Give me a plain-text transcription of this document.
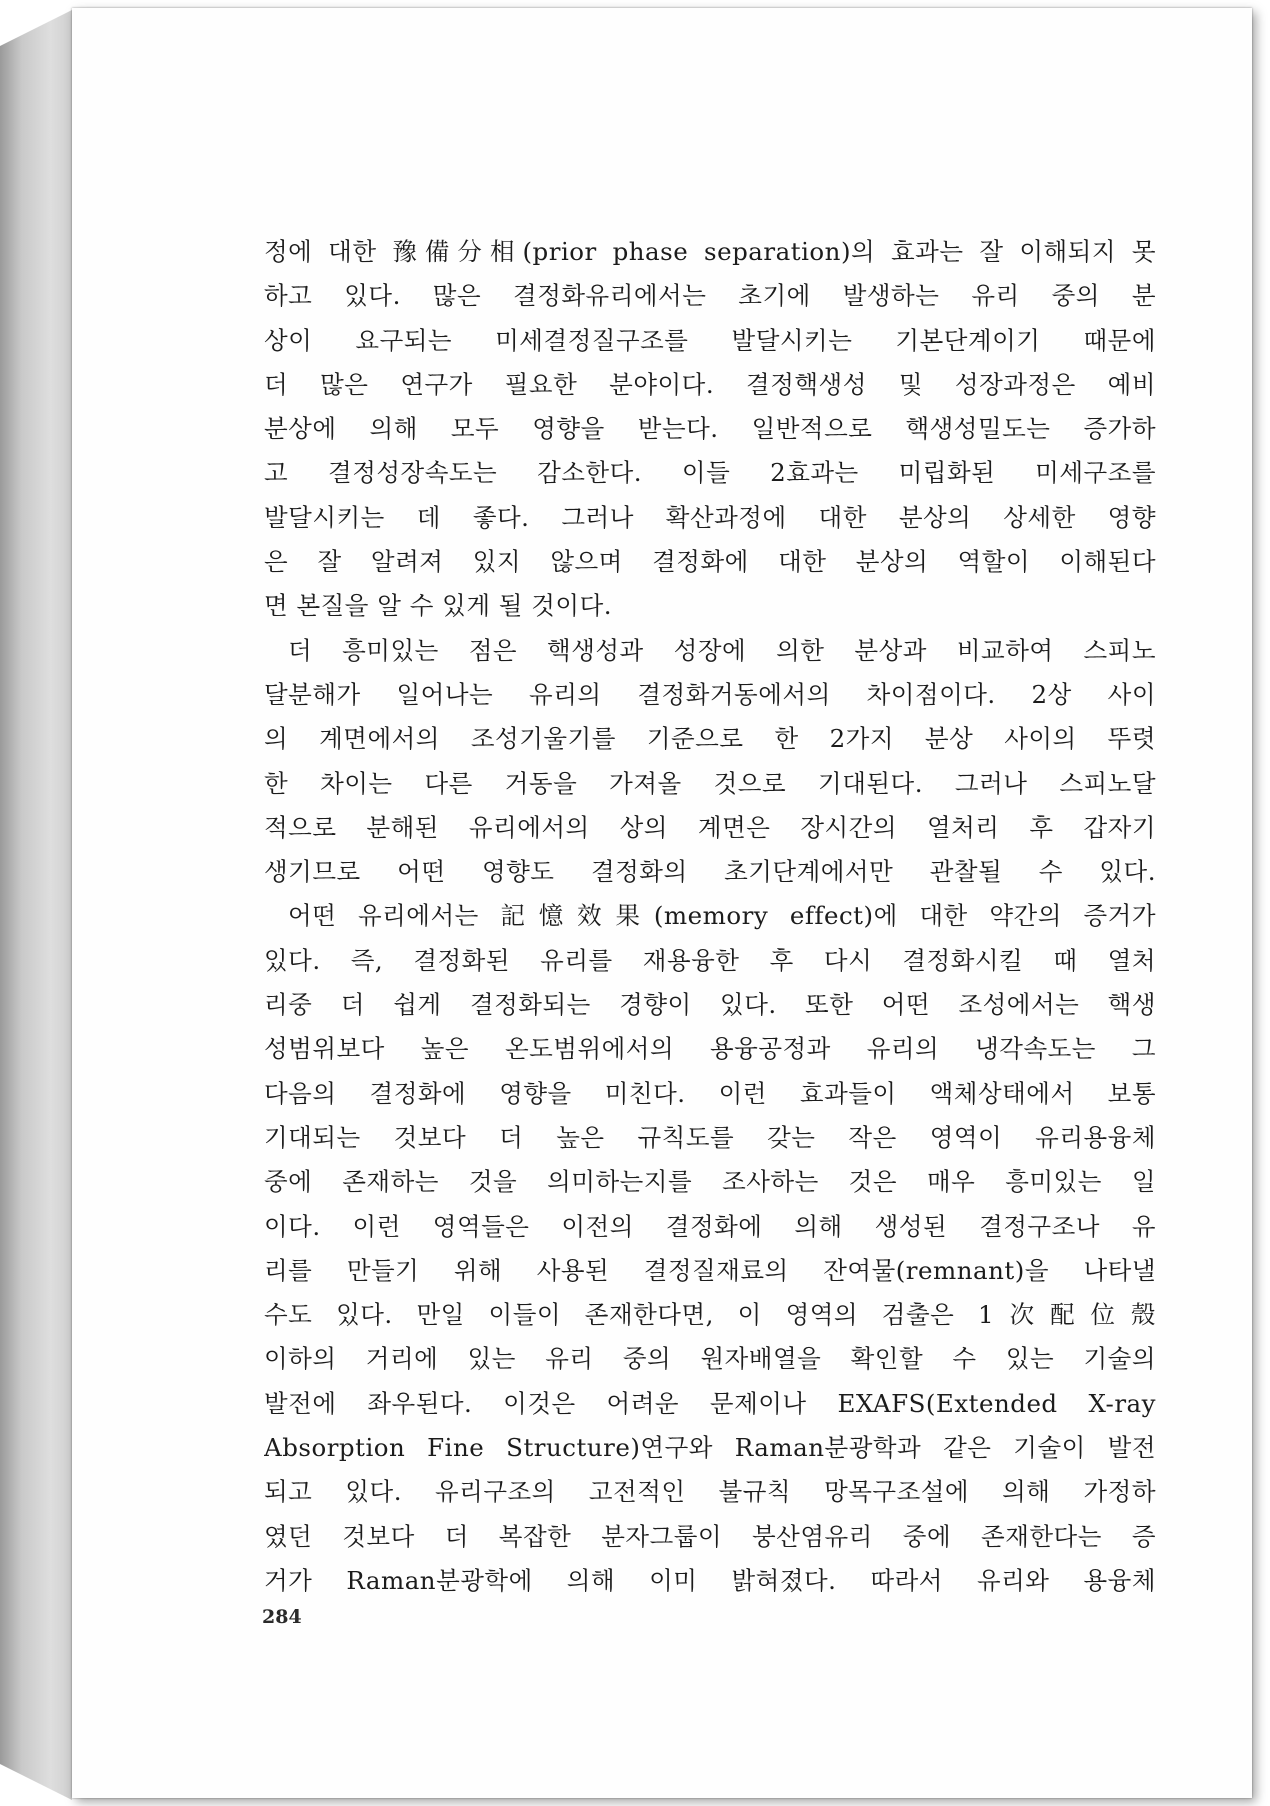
정에 대한 豫備分相(prior phase separation)의 효과는 잘 이해되지 못
하고 있다. 많은 결정화유리에서는 초기에 발생하는 유리 중의 분
상이 요구되는 미세결정질구조를 발달시키는 기본단계이기 때문에
더 많은 연구가 필요한 분야이다. 결정핵생성 및 성장과정은 예비
분상에 의해 모두 영향을 받는다. 일반적으로 핵생성밀도는 증가하
고 결정성장속도는 감소한다. 이들 2효과는 미립화된 미세구조를
발달시키는 데 좋다. 그러나 확산과정에 대한 분상의 상세한 영향
은 잘 알려져 있지 않으며 결정화에 대한 분상의 역할이 이해된다
면 본질을 알 수 있게 될 것이다.
더 흥미있는 점은 핵생성과 성장에 의한 분상과 비교하여 스피노
달분해가 일어나는 유리의 결정화거동에서의 차이점이다. 2상 사이
의 계면에서의 조성기울기를 기준으로 한 2가지 분상 사이의 뚜렷
한 차이는 다른 거동을 가져올 것으로 기대된다. 그러나 스피노달
적으로 분해된 유리에서의 상의 계면은 장시간의 열처리 후 갑자기
생기므로 어떤 영향도 결정화의 초기단계에서만 관찰될 수 있다.
어떤 유리에서는 記憶效果(memory effect)에 대한 약간의 증거가
있다. 즉, 결정화된 유리를 재용융한 후 다시 결정화시킬 때 열처
리중 더 쉽게 결정화되는 경향이 있다. 또한 어떤 조성에서는 핵생
성범위보다 높은 온도범위에서의 용융공정과 유리의 냉각속도는 그
다음의 결정화에 영향을 미친다. 이런 효과들이 액체상태에서 보통
기대되는 것보다 더 높은 규칙도를 갖는 작은 영역이 유리용융체
중에 존재하는 것을 의미하는지를 조사하는 것은 매우 흥미있는 일
이다. 이런 영역들은 이전의 결정화에 의해 생성된 결정구조나 유
리를 만들기 위해 사용된 결정질재료의 잔여물(remnant)을 나타낼
수도 있다. 만일 이들이 존재한다면, 이 영역의 검출은 1次配位殼
이하의 거리에 있는 유리 중의 원자배열을 확인할 수 있는 기술의
발전에 좌우된다. 이것은 어려운 문제이나 EXAFS(Extended X-ray
Absorption Fine Structure)연구와 Raman분광학과 같은 기술이 발전
되고 있다. 유리구조의 고전적인 불규칙 망목구조설에 의해 가정하
였던 것보다 더 복잡한 분자그룹이 붕산염유리 중에 존재한다는 증
거가 Raman분광학에 의해 이미 밝혀졌다. 따라서 유리와 용융체
284
